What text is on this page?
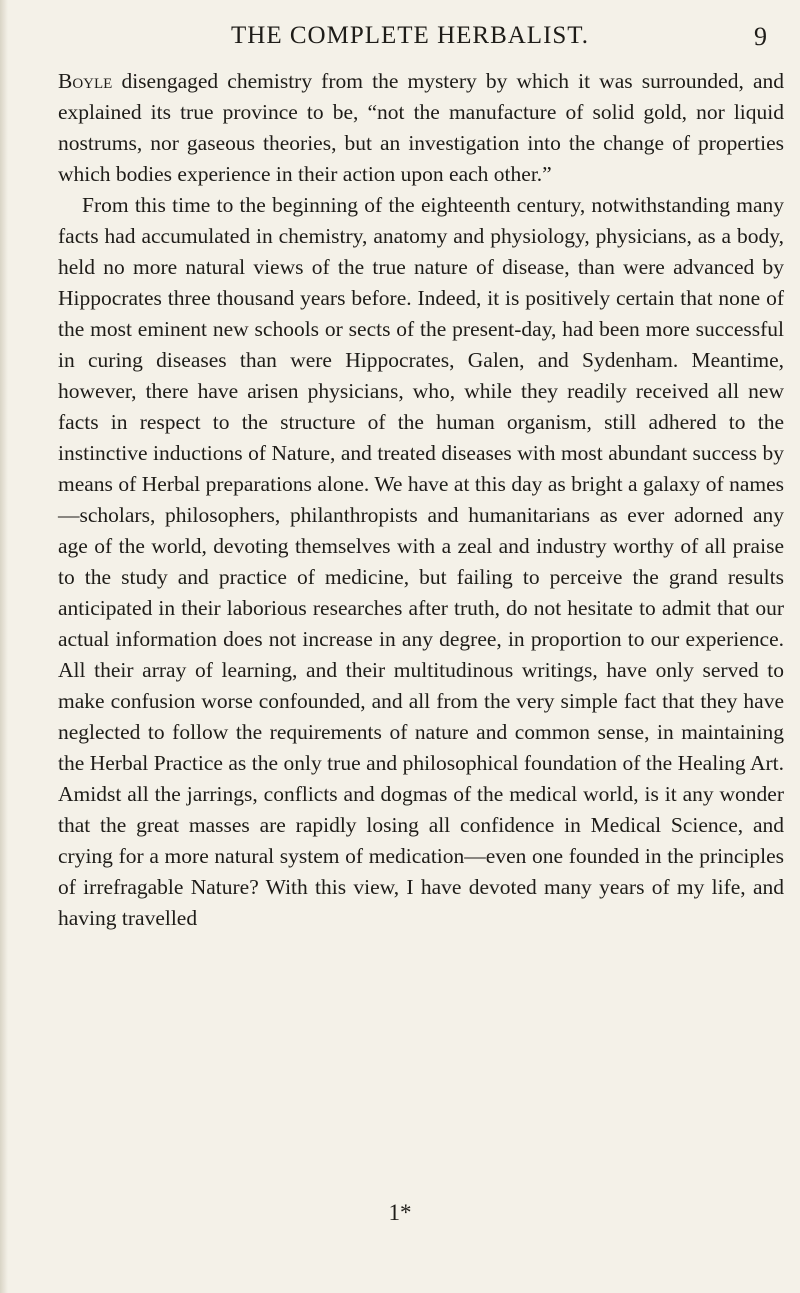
THE COMPLETE HERBALIST.	9

Boyle disengaged chemistry from the mystery by which it was surrounded, and explained its true province to be, “not the manufacture of solid gold, nor liquid nostrums, nor gaseous theories, but an investigation into the change of properties which bodies experience in their action upon each other.”

From this time to the beginning of the eighteenth century, notwithstanding many facts had accumulated in chemistry, anatomy and physiology, physicians, as a body, held no more natural views of the true nature of disease, than were advanced by Hippocrates three thousand years before. Indeed, it is positively certain that none of the most eminent new schools or sects of the present-day, had been more successful in curing diseases than were Hippocrates, Galen, and Sydenham. Meantime, however, there have arisen physicians, who, while they readily received all new facts in respect to the structure of the human organism, still adhered to the instinctive inductions of Nature, and treated diseases with most abundant success by means of Herbal preparations alone. We have at this day as bright a galaxy of names—scholars, philosophers, philanthropists and humanitarians as ever adorned any age of the world, devoting themselves with a zeal and industry worthy of all praise to the study and practice of medicine, but failing to perceive the grand results anticipated in their laborious researches after truth, do not hesitate to admit that our actual information does not increase in any degree, in proportion to our experience. All their array of learning, and their multitudinous writings, have only served to make confusion worse confounded, and all from the very simple fact that they have neglected to follow the requirements of nature and common sense, in maintaining the Herbal Practice as the only true and philosophical foundation of the Healing Art. Amidst all the jarrings, conflicts and dogmas of the medical world, is it any wonder that the great masses are rapidly losing all confidence in Medical Science, and crying for a more natural system of medication—even one founded in the principles of irrefragable Nature? With this view, I have devoted many years of my life, and having travelled

1*
